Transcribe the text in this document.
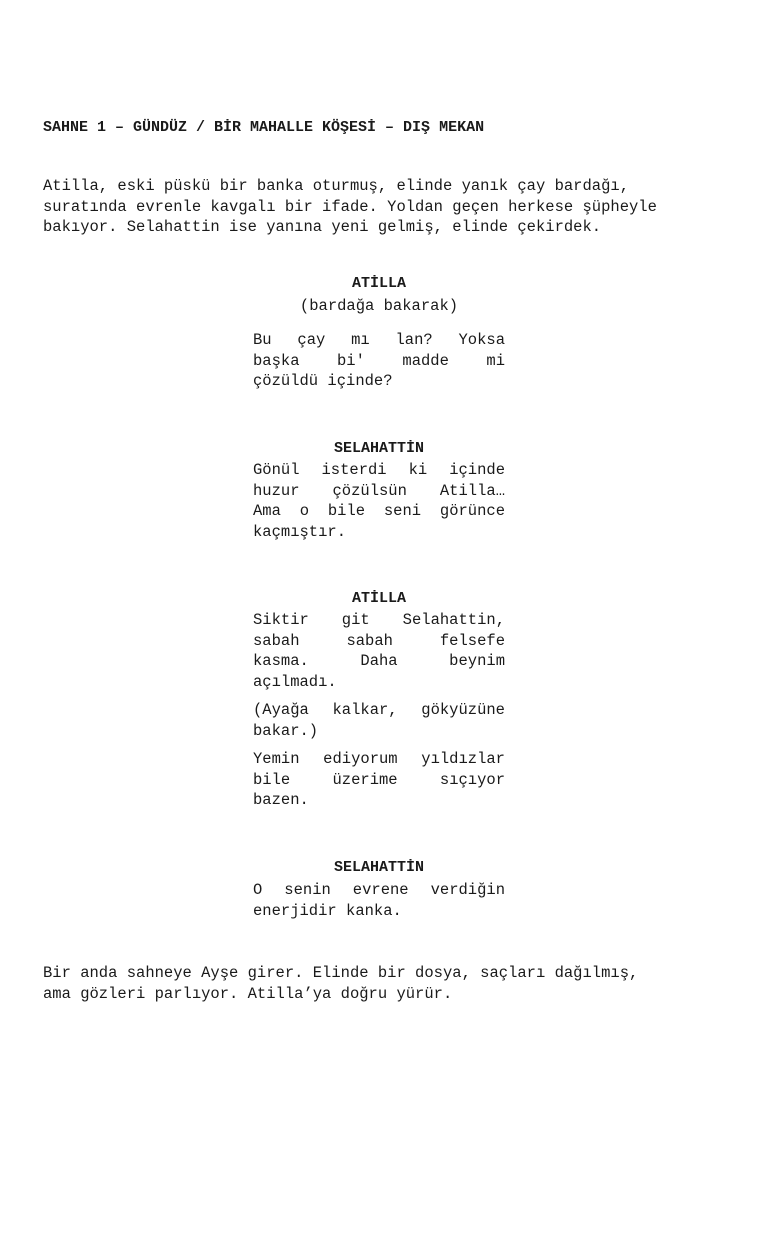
SAHNE 1 – GÜNDÜZ / BİR MAHALLE KÖŞESİ – DIŞ MEKAN
Atilla, eski püskü bir banka oturmuş, elinde yanık çay bardağı,
suratında evrenle kavgalı bir ifade. Yoldan geçen herkese şüpheyle
bakıyor. Selahattin ise yanına yeni gelmiş, elinde çekirdek.
ATİLLA
(bardağa bakarak)
Bu çay mı lan? Yoksa
başka bi' madde mi
çözüldü içinde?
SELAHATTİN
Gönül isterdi ki içinde
huzur çözülsün Atilla…
Ama o bile seni görünce
kaçmıştır.
ATİLLA
Siktir git Selahattin,
sabah sabah felsefe
kasma. Daha beynim
açılmadı.
(Ayağa kalkar, gökyüzüne
bakar.)
Yemin ediyorum yıldızlar
bile üzerime sıçıyor
bazen.
SELAHATTİN
O senin evrene verdiğin
enerjidir kanka.
Bir anda sahneye Ayşe girer. Elinde bir dosya, saçları dağılmış,
ama gözleri parlıyor. Atilla’ya doğru yürür.
